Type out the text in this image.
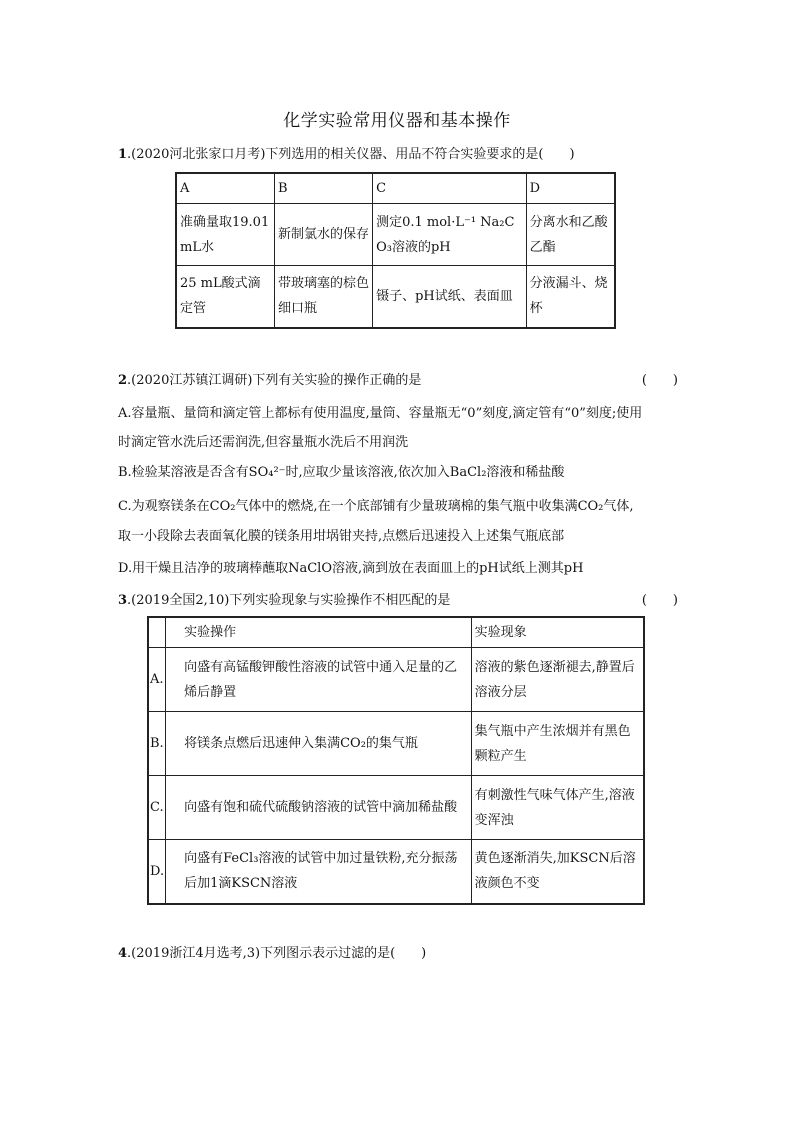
化学实验常用仪器和基本操作
1.(2020河北张家口月考)下列选用的相关仪器、用品不符合实验要求的是(　　)
A	B	C	D
准确量取19.01 mL水	新制氯水的保存	测定0.1 mol·L⁻¹ Na₂CO₃溶液的pH	分离水和乙酸乙酯
25 mL酸式滴定管	带玻璃塞的棕色细口瓶	镊子、pH试纸、表面皿	分液漏斗、烧杯
2.(2020江苏镇江调研)下列有关实验的操作正确的是	(　　)
A.容量瓶、量筒和滴定管上都标有使用温度,量筒、容量瓶无“0”刻度,滴定管有“0”刻度;使用
时滴定管水洗后还需润洗,但容量瓶水洗后不用润洗
B.检验某溶液是否含有SO₄²⁻时,应取少量该溶液,依次加入BaCl₂溶液和稀盐酸
C.为观察镁条在CO₂气体中的燃烧,在一个底部铺有少量玻璃棉的集气瓶中收集满CO₂气体,
取一小段除去表面氧化膜的镁条用坩埚钳夹持,点燃后迅速投入上述集气瓶底部
D.用干燥且洁净的玻璃棒蘸取NaClO溶液,滴到放在表面皿上的pH试纸上测其pH
3.(2019全国2,10)下列实验现象与实验操作不相匹配的是	(　　)
	实验操作	实验现象
A.	向盛有高锰酸钾酸性溶液的试管中通入足量的乙烯后静置	溶液的紫色逐渐褪去,静置后溶液分层
B.	将镁条点燃后迅速伸入集满CO₂的集气瓶	集气瓶中产生浓烟并有黑色颗粒产生
C.	向盛有饱和硫代硫酸钠溶液的试管中滴加稀盐酸	有刺激性气味气体产生,溶液变浑浊
D.	向盛有FeCl₃溶液的试管中加过量铁粉,充分振荡后加1滴KSCN溶液	黄色逐渐消失,加KSCN后溶液颜色不变
4.(2019浙江4月选考,3)下列图示表示过滤的是(　　)
